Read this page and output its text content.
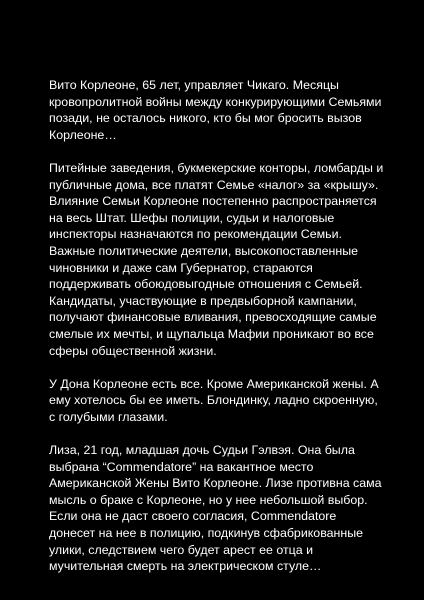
Вито Корлеоне, 65 лет, управляет Чикаго. Месяцы
кровопролитной войны между конкурирующими Семьями
позади, не осталось никого, кто бы мог бросить вызов
Корлеоне…

Питейные заведения, букмекерские конторы, ломбарды и
публичные дома, все платят Семье «налог» за «крышу».
Влияние Семьи Корлеоне постепенно распространяется
на весь Штат. Шефы полиции, судьи и налоговые
инспекторы назначаются по рекомендации Семьи.
Важные политические деятели, высокопоставленные
чиновники и даже сам Губернатор, стараются
поддерживать обоюдовыгодные отношения с Семьей.
Кандидаты, участвующие в предвыборной кампании,
получают финансовые вливания, превосходящие самые
смелые их мечты, и щупальца Мафии проникают во все
сферы общественной жизни.

У Дона Корлеоне есть все. Кроме Американской жены. А
ему хотелось бы ее иметь. Блондинку, ладно скроенную,
с голубыми глазами.

Лиза, 21 год, младшая дочь Судьи Гэлвэя. Она была
выбрана “Commendatore” на вакантное место
Американской Жены Вито Корлеоне. Лизе противна сама
мысль о браке с Корлеоне, но у нее небольшой выбор.
Если она не даст своего согласия, Commendatore
донесет на нее в полицию, подкинув сфабрикованные
улики, следствием чего будет арест ее отца и
мучительная смерть на электрическом стуле…
